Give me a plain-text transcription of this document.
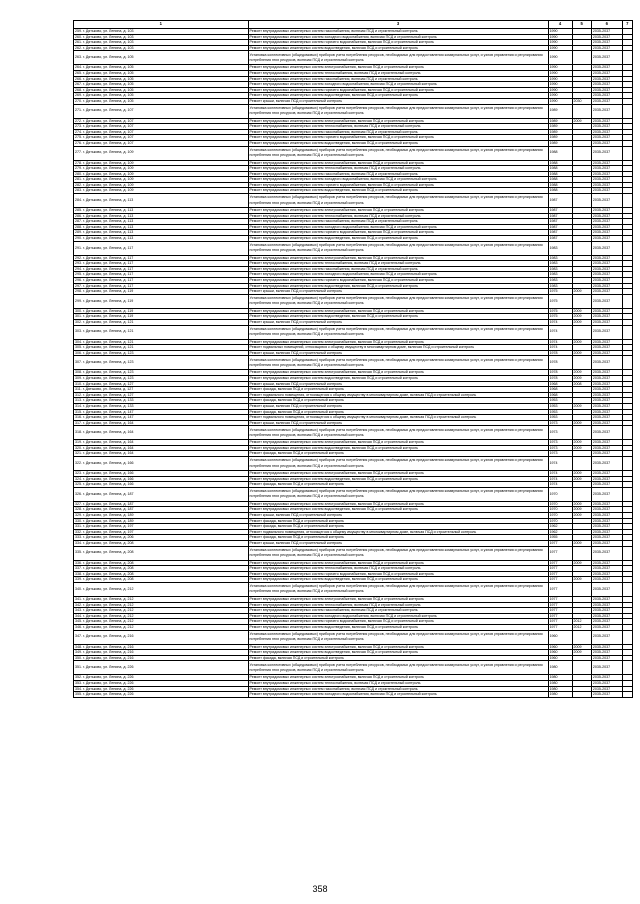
1	3	4	5	6	7
259. г. Дятьково, ул. Ленина, д. 103	Ремонт внутридомовых инженерных систем газоснабжения, включая ПСД и строительный контроль	1990		2035-2037	
260. г. Дятьково, ул. Ленина, д. 103	Ремонт внутридомовых инженерных систем холодного водоснабжения, включая ПСД и строительный контроль	1990		2035-2037	
261. г. Дятьково, ул. Ленина, д. 103	Ремонт внутридомовых инженерных систем горячего водоснабжения, включая ПСД и строительный контроль	1990		2035-2037	
262. г. Дятьково, ул. Ленина, д. 103	Ремонт внутридомовых инженерных систем водоотведения, включая ПСД и строительный контроль	1990		2035-2037	
263. г. Дятьково, ул. Ленина, д. 105	Установка коллективных (общедомовых) приборов учета потребления ресурсов, необходимых для предоставления коммунальных услуг, и узлов управления и регулирования потребления этих ресурсов, включая ПСД и строительный контроль	1990		2035-2037	
264. г. Дятьково, ул. Ленина, д. 105	Ремонт внутридомовых инженерных систем электроснабжения, включая ПСД и строительный контроль	1990		2035-2037	
265. г. Дятьково, ул. Ленина, д. 105	Ремонт внутридомовых инженерных систем теплоснабжения, включая ПСД и строительный контроль	1990		2035-2037	
266. г. Дятьково, ул. Ленина, д. 105	Ремонт внутридомовых инженерных систем газоснабжения, включая ПСД и строительный контроль	1990		2035-2037	
267. г. Дятьково, ул. Ленина, д. 105	Ремонт внутридомовых инженерных систем холодного водоснабжения, включая ПСД и строительный контроль	1990		2035-2037	
268. г. Дятьково, ул. Ленина, д. 105	Ремонт внутридомовых инженерных систем горячего водоснабжения, включая ПСД и строительный контроль	1990		2035-2037	
269. г. Дятьково, ул. Ленина, д. 105	Ремонт внутридомовых инженерных систем водоотведения, включая ПСД и строительный контроль	1990		2035-2037	
270. г. Дятьково, ул. Ленина, д. 105	Ремонт крыши, включая ПСД и строительный контроль	1990	2030	2035-2037	
271. г. Дятьково, ул. Ленина, д. 107	Установка коллективных (общедомовых) приборов учета потребления ресурсов, необходимых для предоставления коммунальных услуг, и узлов управления и регулирования потребления этих ресурсов, включая ПСД и строительный контроль	1989		2035-2037	
272. г. Дятьково, ул. Ленина, д. 107	Ремонт внутридомовых инженерных систем электроснабжения, включая ПСД и строительный контроль	1989	2009	2035-2037	
273. г. Дятьково, ул. Ленина, д. 107	Ремонт внутридомовых инженерных систем теплоснабжения, включая ПСД и строительный контроль	1989		2035-2037	
274. г. Дятьково, ул. Ленина, д. 107	Ремонт внутридомовых инженерных систем газоснабжения, включая ПСД и строительный контроль	1989		2035-2037	
275. г. Дятьково, ул. Ленина, д. 107	Ремонт внутридомовых инженерных систем горячего водоснабжения, включая ПСД и строительный контроль	1989		2035-2037	
276. г. Дятьково, ул. Ленина, д. 107	Ремонт внутридомовых инженерных систем водоотведения, включая ПСД и строительный контроль	1989		2035-2037	
277. г. Дятьково, ул. Ленина, д. 109	Установка коллективных (общедомовых) приборов учета потребления ресурсов, необходимых для предоставления коммунальных услуг, и узлов управления и регулирования потребления этих ресурсов, включая ПСД и строительный контроль	1988		2035-2037	
278. г. Дятьково, ул. Ленина, д. 109	Ремонт внутридомовых инженерных систем электроснабжения, включая ПСД и строительный контроль	1988		2035-2037	
279. г. Дятьково, ул. Ленина, д. 109	Ремонт внутридомовых инженерных систем теплоснабжения, включая ПСД и строительный контроль	1988		2035-2037	
280. г. Дятьково, ул. Ленина, д. 109	Ремонт внутридомовых инженерных систем газоснабжения, включая ПСД и строительный контроль	1988		2035-2037	
281. г. Дятьково, ул. Ленина, д. 109	Ремонт внутридомовых инженерных систем холодного водоснабжения, включая ПСД и строительный контроль	1988		2035-2037	
282. г. Дятьково, ул. Ленина, д. 109	Ремонт внутридомовых инженерных систем горячего водоснабжения, включая ПСД и строительный контроль	1988		2035-2037	
283. г. Дятьково, ул. Ленина, д. 109	Ремонт внутридомовых инженерных систем водоотведения, включая ПСД и строительный контроль	1988		2035-2037	
284. г. Дятьково, ул. Ленина, д. 113	Установка коллективных (общедомовых) приборов учета потребления ресурсов, необходимых для предоставления коммунальных услуг, и узлов управления и регулирования потребления этих ресурсов, включая ПСД и строительный контроль	1987		2035-2037	
285. г. Дятьково, ул. Ленина, д. 113	Ремонт внутридомовых инженерных систем электроснабжения, включая ПСД и строительный контроль	1987		2035-2037	
286. г. Дятьково, ул. Ленина, д. 113	Ремонт внутридомовых инженерных систем теплоснабжения, включая ПСД и строительный контроль	1987		2035-2037	
287. г. Дятьково, ул. Ленина, д. 113	Ремонт внутридомовых инженерных систем газоснабжения, включая ПСД и строительный контроль	1987		2035-2037	
288. г. Дятьково, ул. Ленина, д. 113	Ремонт внутридомовых инженерных систем холодного водоснабжения, включая ПСД и строительный контроль	1987		2035-2037	
289. г. Дятьково, ул. Ленина, д. 113	Ремонт внутридомовых инженерных систем горячего водоснабжения, включая ПСД и строительный контроль	1987		2035-2037	
290. г. Дятьково, ул. Ленина, д. 113	Ремонт внутридомовых инженерных систем водоотведения, включая ПСД и строительный контроль	1987		2035-2037	
291. г. Дятьково, ул. Ленина, д. 117	Установка коллективных (общедомовых) приборов учета потребления ресурсов, необходимых для предоставления коммунальных услуг, и узлов управления и регулирования потребления этих ресурсов, включая ПСД и строительный контроль	1983		2035-2037	
292. г. Дятьково, ул. Ленина, д. 117	Ремонт внутридомовых инженерных систем электроснабжения, включая ПСД и строительный контроль	1983		2035-2037	
293. г. Дятьково, ул. Ленина, д. 117	Ремонт внутридомовых инженерных систем теплоснабжения, включая ПСД и строительный контроль	1983		2035-2037	
294. г. Дятьково, ул. Ленина, д. 117	Ремонт внутридомовых инженерных систем газоснабжения, включая ПСД и строительный контроль	1983		2035-2037	
295. г. Дятьково, ул. Ленина, д. 117	Ремонт внутридомовых инженерных систем холодного водоснабжения, включая ПСД и строительный контроль	1983		2035-2037	
296. г. Дятьково, ул. Ленина, д. 117	Ремонт внутридомовых инженерных систем горячего водоснабжения, включая ПСД и строительный контроль	1983		2035-2037	
297. г. Дятьково, ул. Ленина, д. 117	Ремонт внутридомовых инженерных систем водоотведения, включая ПСД и строительный контроль	1983		2035-2037	
298. г. Дятьково, ул. Ленина, д. 119	Ремонт крыши, включая ПСД и строительный контроль	1975	2009	2035-2037	
299. г. Дятьково, ул. Ленина, д. 119	Установка коллективных (общедомовых) приборов учета потребления ресурсов, необходимых для предоставления коммунальных услуг, и узлов управления и регулирования потребления этих ресурсов, включая ПСД и строительный контроль	1975		2035-2037	
300. г. Дятьково, ул. Ленина, д. 119	Ремонт внутридомовых инженерных систем электроснабжения, включая ПСД и строительный контроль	1975	2009	2035-2037	
301. г. Дятьково, ул. Ленина, д. 119	Ремонт внутридомовых инженерных систем водоотведения, включая ПСД и строительный контроль	1975	2009	2035-2037	
302. г. Дятьково, ул. Ленина, д. 121	Ремонт крыши, включая ПСД и строительный контроль	1974	2009	2035-2037	
303. г. Дятьково, ул. Ленина, д. 121	Установка коллективных (общедомовых) приборов учета потребления ресурсов, необходимых для предоставления коммунальных услуг, и узлов управления и регулирования потребления этих ресурсов, включая ПСД и строительный контроль	1974		2035-2037	
304. г. Дятьково, ул. Ленина, д. 121	Ремонт внутридомовых инженерных систем электроснабжения, включая ПСД и строительный контроль	1974	2009	2035-2037	
305. г. Дятьково, ул. Ленина, д. 121	Ремонт подвальных помещений, относящихся к общему имуществу в многоквартирном доме, включая ПСД и строительный контроль	1974		2035-2037	
306. г. Дятьково, ул. Ленина, д. 123	Ремонт крыши, включая ПСД и строительный контроль	1978	2009	2035-2037	
307. г. Дятьково, ул. Ленина, д. 123	Установка коллективных (общедомовых) приборов учета потребления ресурсов, необходимых для предоставления коммунальных услуг, и узлов управления и регулирования потребления этих ресурсов, включая ПСД и строительный контроль	1978		2035-2037	
308. г. Дятьково, ул. Ленина, д. 123	Ремонт внутридомовых инженерных систем электроснабжения, включая ПСД и строительный контроль	1978	2009	2035-2037	
309. г. Дятьково, ул. Ленина, д. 123	Ремонт внутридомовых инженерных систем водоотведения, включая ПСД и строительный контроль	1978	2009	2035-2037	
310. г. Дятьково, ул. Ленина, д. 127	Ремонт крыши, включая ПСД и строительный контроль	1968	2008	2035-2037	
311. г. Дятьково, ул. Ленина, д. 127	Ремонт фасада, включая ПСД и строительный контроль	1968		2035-2037	
312. г. Дятьково, ул. Ленина, д. 127	Ремонт подвального помещения, относящегося к общему имуществу в многоквартирном доме, включая ПСД и строительный контроль	1968		2035-2037	
313. г. Дятьково, ул. Ленина, д. 133	Ремонт фасада, включая ПСД и строительный контроль	1953		2035-2037	
314. г. Дятьково, ул. Ленина, д. 133	Ремонт крыши, включая ПСД и строительный контроль	1953	2009	2035-2037	
315. г. Дятьково, ул. Ленина, д. 147	Ремонт фасада, включая ПСД и строительный контроль	1953		2035-2037	
316. г. Дятьково, ул. Ленина, д. 147	Ремонт подвального помещения, относящегося к общему имуществу в многоквартирном доме, включая ПСД и строительный контроль	1953		2035-2037	
317. г. Дятьково, ул. Ленина, д. 164	Ремонт крыши, включая ПСД и строительный контроль	1973	2009	2035-2037	
318. г. Дятьково, ул. Ленина, д. 164	Установка коллективных (общедомовых) приборов учета потребления ресурсов, необходимых для предоставления коммунальных услуг, и узлов управления и регулирования потребления этих ресурсов, включая ПСД и строительный контроль	1973		2035-2037	
319. г. Дятьково, ул. Ленина, д. 164	Ремонт внутридомовых инженерных систем электроснабжения, включая ПСД и строительный контроль	1973	2009	2035-2037	
320. г. Дятьково, ул. Ленина, д. 164	Ремонт внутридомовых инженерных систем водоотведения, включая ПСД и строительный контроль	1973	2009	2035-2037	
321. г. Дятьково, ул. Ленина, д. 164	Ремонт фасада, включая ПСД и строительный контроль	1973		2035-2037	
322. г. Дятьково, ул. Ленина, д. 166	Установка коллективных (общедомовых) приборов учета потребления ресурсов, необходимых для предоставления коммунальных услуг, и узлов управления и регулирования потребления этих ресурсов, включая ПСД и строительный контроль	1974		2035-2037	
323. г. Дятьково, ул. Ленина, д. 166	Ремонт внутридомовых инженерных систем электроснабжения, включая ПСД и строительный контроль	1974	2009	2035-2037	
324. г. Дятьково, ул. Ленина, д. 166	Ремонт внутридомовых инженерных систем водоотведения, включая ПСД и строительный контроль	1974	2009	2035-2037	
325. г. Дятьково, ул. Ленина, д. 166	Ремонт фасада, включая ПСД и строительный контроль	1974		2035-2037	
326. г. Дятьково, ул. Ленина, д. 187	Установка коллективных (общедомовых) приборов учета потребления ресурсов, необходимых для предоставления коммунальных услуг, и узлов управления и регулирования потребления этих ресурсов, включая ПСД и строительный контроль	1970		2035-2037	
327. г. Дятьково, ул. Ленина, д. 187	Ремонт внутридомовых инженерных систем электроснабжения, включая ПСД и строительный контроль	1970	2009	2035-2037	
328. г. Дятьково, ул. Ленина, д. 187	Ремонт внутридомовых инженерных систем водоотведения, включая ПСД и строительный контроль	1970	2009	2035-2037	
329. г. Дятьково, ул. Ленина, д. 189	Ремонт крыши, включая ПСД и строительный контроль	1970	2009	2035-2037	
330. г. Дятьково, ул. Ленина, д. 189	Ремонт фасада, включая ПСД и строительный контроль	1970		2035-2037	
331. г. Дятьково, ул. Ленина, д. 197	Ремонт фасада, включая ПСД и строительный контроль	1962		2035-2037	
332. г. Дятьково, ул. Ленина, д. 197	Ремонт подвального помещения, относящегося к общему имуществу в многоквартирном доме, включая ПСД и строительный контроль	1962		2035-2037	
333. г. Дятьково, ул. Ленина, д. 206	Ремонт фасада, включая ПСД и строительный контроль	1955		2035-2037	
334. г. Дятьково, ул. Ленина, д. 208	Ремонт крыши, включая ПСД и строительный контроль	1977	2009	2035-2037	
335. г. Дятьково, ул. Ленина, д. 208	Установка коллективных (общедомовых) приборов учета потребления ресурсов, необходимых для предоставления коммунальных услуг, и узлов управления и регулирования потребления этих ресурсов, включая ПСД и строительный контроль	1977		2035-2037	
336. г. Дятьково, ул. Ленина, д. 208	Ремонт внутридомовых инженерных систем электроснабжения, включая ПСД и строительный контроль	1977	2009	2035-2037	
337. г. Дятьково, ул. Ленина, д. 208	Ремонт внутридомовых инженерных систем теплоснабжения, включая ПСД и строительный контроль	1977		2035-2037	
338. г. Дятьково, ул. Ленина, д. 208	Ремонт внутридомовых инженерных систем горячего водоснабжения, включая ПСД и строительный контроль	1977		2035-2037	
339. г. Дятьково, ул. Ленина, д. 208	Ремонт внутридомовых инженерных систем водоотведения, включая ПСД и строительный контроль	1977	2009	2035-2037	
340. г. Дятьково, ул. Ленина, д. 212	Установка коллективных (общедомовых) приборов учета потребления ресурсов, необходимых для предоставления коммунальных услуг, и узлов управления и регулирования потребления этих ресурсов, включая ПСД и строительный контроль	1977		2035-2037	
341. г. Дятьково, ул. Ленина, д. 212	Ремонт внутридомовых инженерных систем электроснабжения, включая ПСД и строительный контроль	1977		2035-2037	
342. г. Дятьково, ул. Ленина, д. 212	Ремонт внутридомовых инженерных систем теплоснабжения, включая ПСД и строительный контроль	1977		2035-2037	
343. г. Дятьково, ул. Ленина, д. 212	Ремонт внутридомовых инженерных систем газоснабжения, включая ПСД и строительный контроль	1977		2035-2037	
344. г. Дятьково, ул. Ленина, д. 212	Ремонт внутридомовых инженерных систем холодного водоснабжения, включая ПСД и строительный контроль	1977		2035-2037	
345. г. Дятьково, ул. Ленина, д. 212	Ремонт внутридомовых инженерных систем горячего водоснабжения, включая ПСД и строительный контроль	1977	2012	2035-2037	
346. г. Дятьково, ул. Ленина, д. 212	Ремонт внутридомовых инженерных систем водоотведения, включая ПСД и строительный контроль	1977	2012	2035-2037	
347. г. Дятьково, ул. Ленина, д. 216	Установка коллективных (общедомовых) приборов учета потребления ресурсов, необходимых для предоставления коммунальных услуг, и узлов управления и регулирования потребления этих ресурсов, включая ПСД и строительный контроль	1960		2035-2037	
348. г. Дятьково, ул. Ленина, д. 216	Ремонт внутридомовых инженерных систем электроснабжения, включая ПСД и строительный контроль	1960	2009	2035-2037	
349. г. Дятьково, ул. Ленина, д. 216	Ремонт внутридомовых инженерных систем водоотведения, включая ПСД и строительный контроль	1960	2009	2035-2037	
350. г. Дятьково, ул. Ленина, д. 216	Ремонт фасада, включая ПСД и строительный контроль	1960		2035-2037	
351. г. Дятьково, ул. Ленина, д. 226	Установка коллективных (общедомовых) приборов учета потребления ресурсов, необходимых для предоставления коммунальных услуг, и узлов управления и регулирования потребления этих ресурсов, включая ПСД и строительный контроль	1980		2035-2037	
352. г. Дятьково, ул. Ленина, д. 226	Ремонт внутридомовых инженерных систем электроснабжения, включая ПСД и строительный контроль	1980		2035-2037	
353. г. Дятьково, ул. Ленина, д. 226	Ремонт внутридомовых инженерных систем теплоснабжения, включая ПСД и строительный контроль	1980		2035-2037	
354. г. Дятьково, ул. Ленина, д. 226	Ремонт внутридомовых инженерных систем газоснабжения, включая ПСД и строительный контроль	1980		2035-2037	
355. г. Дятьково, ул. Ленина, д. 226	Ремонт внутридомовых инженерных систем холодного водоснабжения, включая ПСД и строительный контроль	1980		2035-2037	
358
